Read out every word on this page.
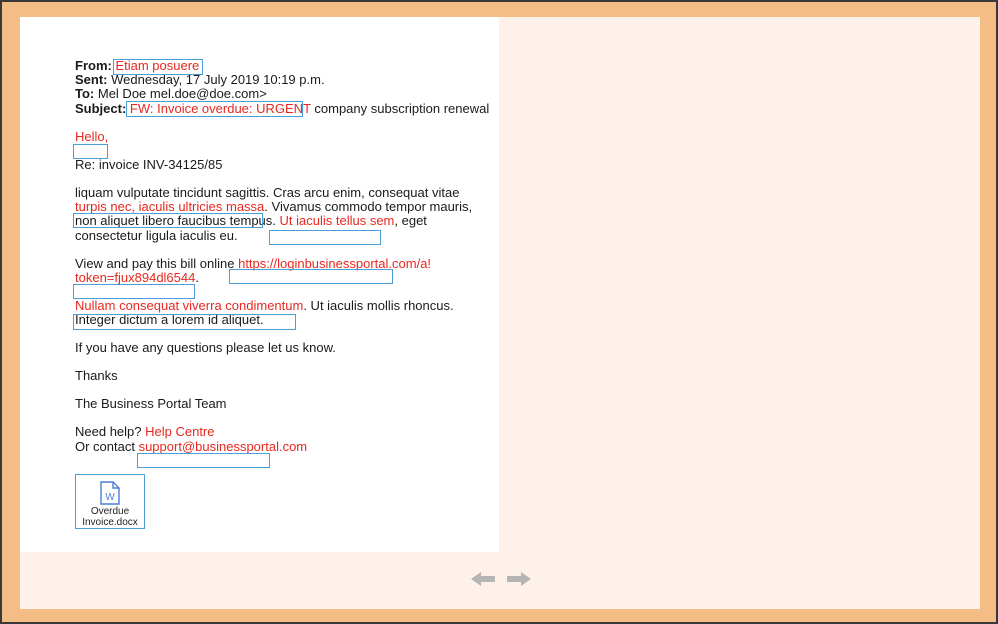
From: Etiam posuere
Sent: Wednesday, 17 July 2019 10:19 p.m.
To: Mel Doe mel.doe@doe.com>
Subject: FW: Invoice overdue: URGENT company subscription renewal
Hello,
Re: invoice INV-34125/85
liquam vulputate tincidunt sagittis. Cras arcu enim, consequat vitae
turpis nec, iaculis ultricies massa. Vivamus commodo tempor mauris,
non aliquet libero faucibus tempus. Ut iaculis tellus sem, eget
consectetur ligula iaculis eu.
View and pay this bill online https://loginbusinessportal.com/a!
token=fjux894dl6544.
Nullam consequat viverra condimentum. Ut iaculis mollis rhoncus.
Integer dictum a lorem id aliquet.
If you have any questions please let us know.
Thanks
The Business Portal Team
Need help? Help Centre
Or contact support@businessportal.com
W
Overdue
Invoice.docx
